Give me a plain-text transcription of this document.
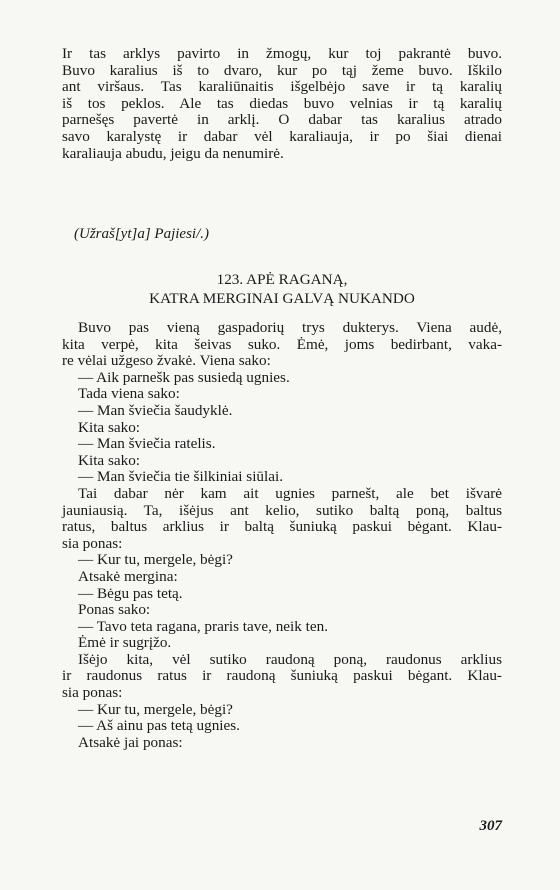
Ir tas arklys pavirto in žmogų, kur toj pakrantė buvo.

Buvo karalius iš to dvaro, kur po tąj žeme buvo. Iškilo

ant viršaus. Tas karaliūnaitis išgelbėjo save ir tą karalių

iš tos peklos. Ale tas diedas buvo velnias ir tą karalių

parnešęs pavertė in arklį. O dabar tas karalius atrado

savo karalystę ir dabar vėl karaliauja, ir po šiai dienai

karaliauja abudu, jeigu da nenumirė.

(Užraš[yt]a] Pajiesi/.)

123. APĖ RAGANĄ,

KATRA MERGINAI GALVĄ NUKANDO

Buvo pas vieną gaspadorių trys dukterys. Viena audė,

kita verpė, kita šeivas suko. Ėmė, joms bedirbant, vaka-

re vėlai užgeso žvakė. Viena sako:

— Aik parnešk pas susiedą ugnies.

Tada viena sako:

— Man šviečia šaudyklė.

Kita sako:

— Man šviečia ratelis.

Kita sako:

— Man šviečia tie šilkiniai siūlai.

Tai dabar nėr kam ait ugnies parnešt, ale bet išvarė

jauniausią. Ta, išėjus ant kelio, sutiko baltą poną, baltus

ratus, baltus arklius ir baltą šuniuką paskui bėgant. Klau-

sia ponas:

— Kur tu, mergele, bėgi?

Atsakė mergina:

— Bėgu pas tetą.

Ponas sako:

— Tavo teta ragana, praris tave, neik ten.

Ėmė ir sugrįžo.

Išėjo kita, vėl sutiko raudoną poną, raudonus arklius

ir raudonus ratus ir raudoną šuniuką paskui bėgant. Klau-

sia ponas:

— Kur tu, mergele, bėgi?

— Aš ainu pas tetą ugnies.

Atsakė jai ponas:

307
